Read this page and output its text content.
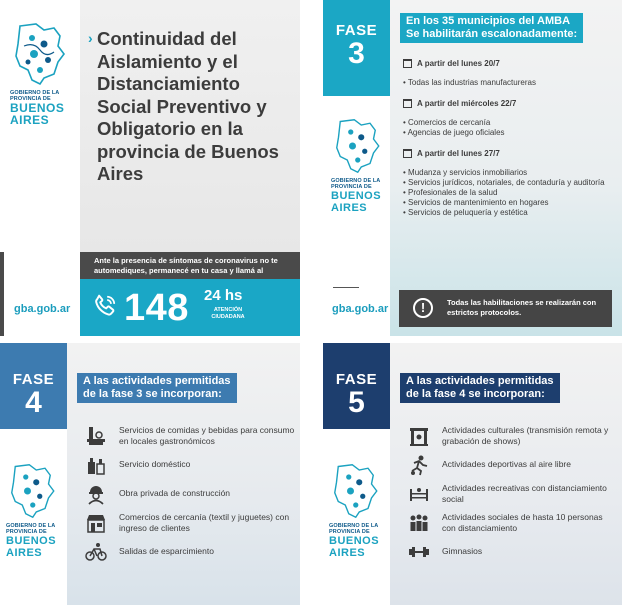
GOBIERNO DE LA
PROVINCIA DE
BUENOS
AIRES
gba.gob.ar
› Continuidad del Aislamiento y el Distanciamiento Social Preventivo y Obligatorio en la provincia de Buenos Aires
Ante la presencia de síntomas de coronavirus no te automediques, permanecé en tu casa y llamá al
148 24 hs
ATENCIÓN CIUDADANA
FASE
3
GOBIERNO DE LA
PROVINCIA DE
BUENOS
AIRES
gba.gob.ar
En los 35 municipios del AMBA
Se habilitarán escalonadamente:
A partir del lunes 20/7
• Todas las industrias manufactureras
A partir del miércoles 22/7
• Comercios de cercanía
• Agencias de juego oficiales
A partir del lunes 27/7
• Mudanza y servicios inmobiliarios
• Servicios jurídicos, notariales, de contaduría y auditoría
• Profesionales de la salud
• Servicios de mantenimiento en hogares
• Servicios de peluquería y estética
!	Todas las habilitaciones se realizarán con estrictos protocolos.
FASE
4
GOBIERNO DE LA
PROVINCIA DE
BUENOS
AIRES
A las actividades permitidas
de la fase 3 se incorporan:
Servicios de comidas y bebidas para consumo en locales gastronómicos
Servicio doméstico
Obra privada de construcción
Comercios de cercanía (textil y juguetes) con ingreso de clientes
Salidas de esparcimiento
FASE
5
GOBIERNO DE LA
PROVINCIA DE
BUENOS
AIRES
A las actividades permitidas
de la fase 4 se incorporan:
Actividades culturales (transmisión remota y grabación de shows)
Actividades deportivas al aire libre
Actividades recreativas con distanciamiento social
Actividades sociales de hasta 10 personas con distanciamiento
Gimnasios
